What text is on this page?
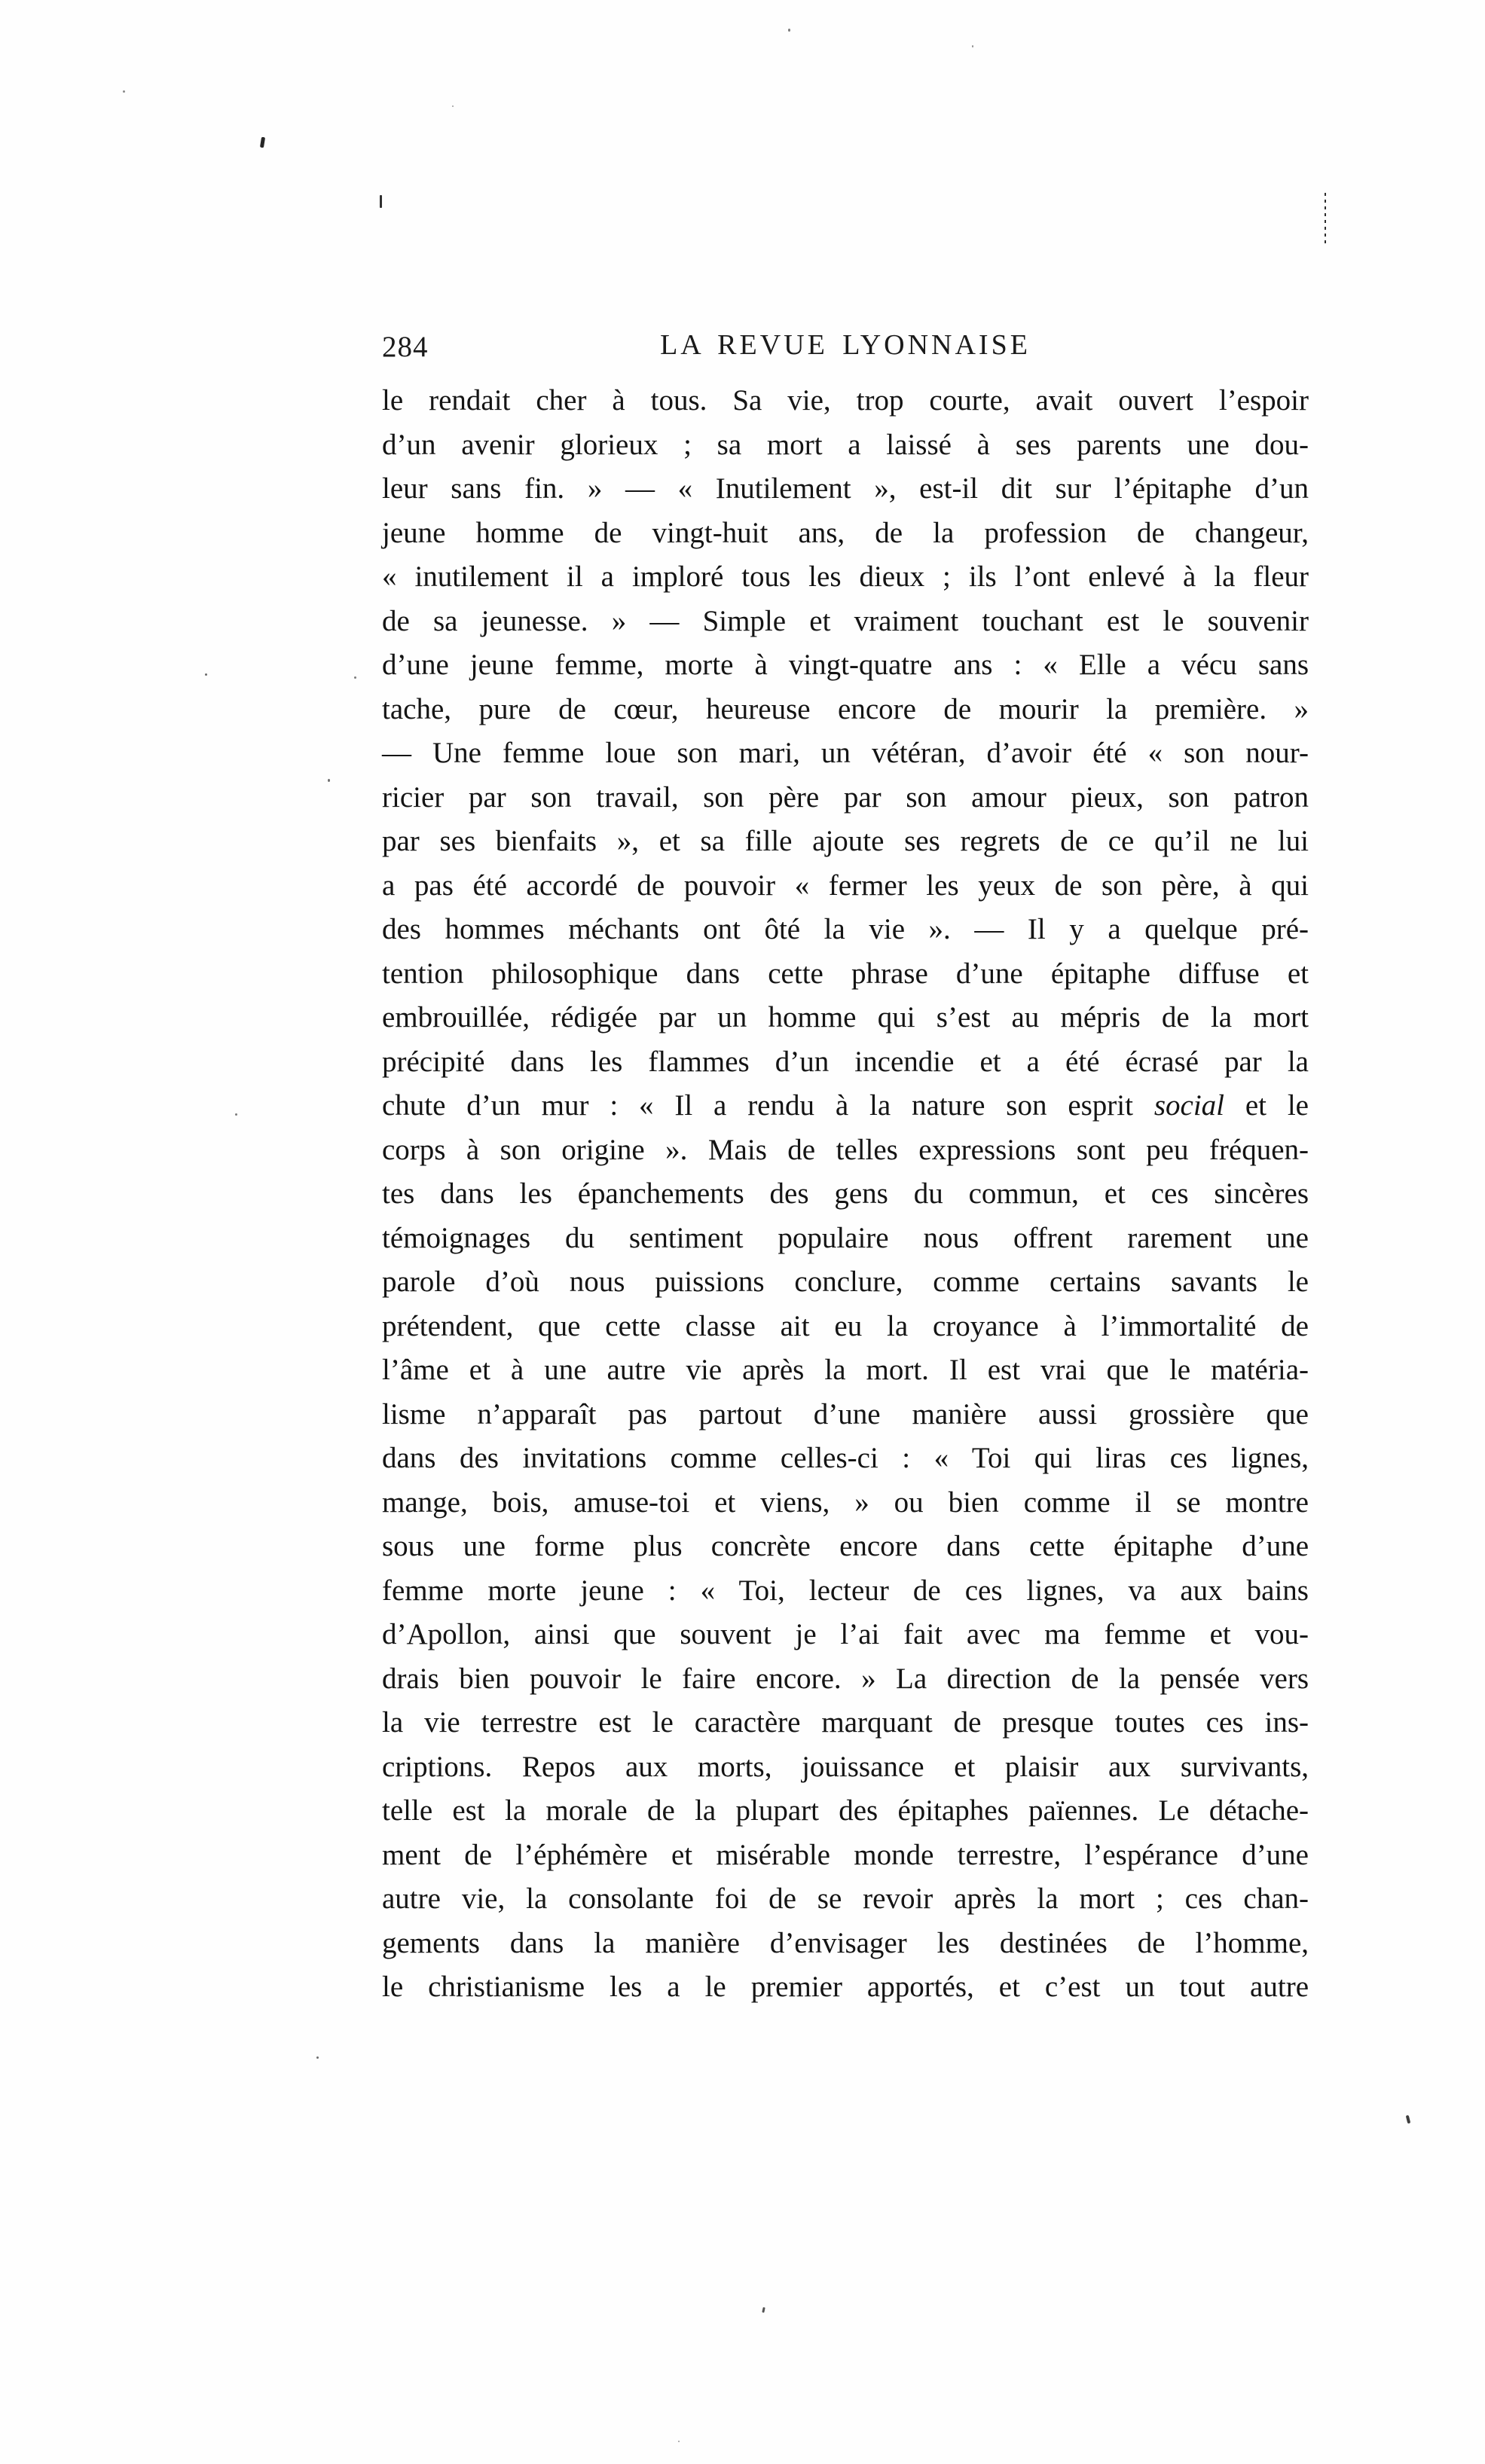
284	LA REVUE LYONNAISE
le rendait cher à tous. Sa vie, trop courte, avait ouvert l’espoir
d’un avenir glorieux ; sa mort a laissé à ses parents une dou-
leur sans fin. » — « Inutilement », est-il dit sur l’épitaphe d’un
jeune homme de vingt-huit ans, de la profession de changeur,
« inutilement il a imploré tous les dieux ; ils l’ont enlevé à la fleur
de sa jeunesse. » — Simple et vraiment touchant est le souvenir
d’une jeune femme, morte à vingt-quatre ans : « Elle a vécu sans
tache, pure de cœur, heureuse encore de mourir la première. »
— Une femme loue son mari, un vétéran, d’avoir été « son nour-
ricier par son travail, son père par son amour pieux, son patron
par ses bienfaits », et sa fille ajoute ses regrets de ce qu’il ne lui
a pas été accordé de pouvoir « fermer les yeux de son père, à qui
des hommes méchants ont ôté la vie ». — Il y a quelque pré-
tention philosophique dans cette phrase d’une épitaphe diffuse et
embrouillée, rédigée par un homme qui s’est au mépris de la mort
précipité dans les flammes d’un incendie et a été écrasé par la
chute d’un mur : « Il a rendu à la nature son esprit social et le
corps à son origine ». Mais de telles expressions sont peu fréquen-
tes dans les épanchements des gens du commun, et ces sincères
témoignages du sentiment populaire nous offrent rarement une
parole d’où nous puissions conclure, comme certains savants le
prétendent, que cette classe ait eu la croyance à l’immortalité de
l’âme et à une autre vie après la mort. Il est vrai que le matéria-
lisme n’apparaît pas partout d’une manière aussi grossière que
dans des invitations comme celles-ci : « Toi qui liras ces lignes,
mange, bois, amuse-toi et viens, » ou bien comme il se montre
sous une forme plus concrète encore dans cette épitaphe d’une
femme morte jeune : « Toi, lecteur de ces lignes, va aux bains
d’Apollon, ainsi que souvent je l’ai fait avec ma femme et vou-
drais bien pouvoir le faire encore. » La direction de la pensée vers
la vie terrestre est le caractère marquant de presque toutes ces ins-
criptions. Repos aux morts, jouissance et plaisir aux survivants,
telle est la morale de la plupart des épitaphes païennes. Le détache-
ment de l’éphémère et misérable monde terrestre, l’espérance d’une
autre vie, la consolante foi de se revoir après la mort ; ces chan-
gements dans la manière d’envisager les destinées de l’homme,
le christianisme les a le premier apportés, et c’est un tout autre
